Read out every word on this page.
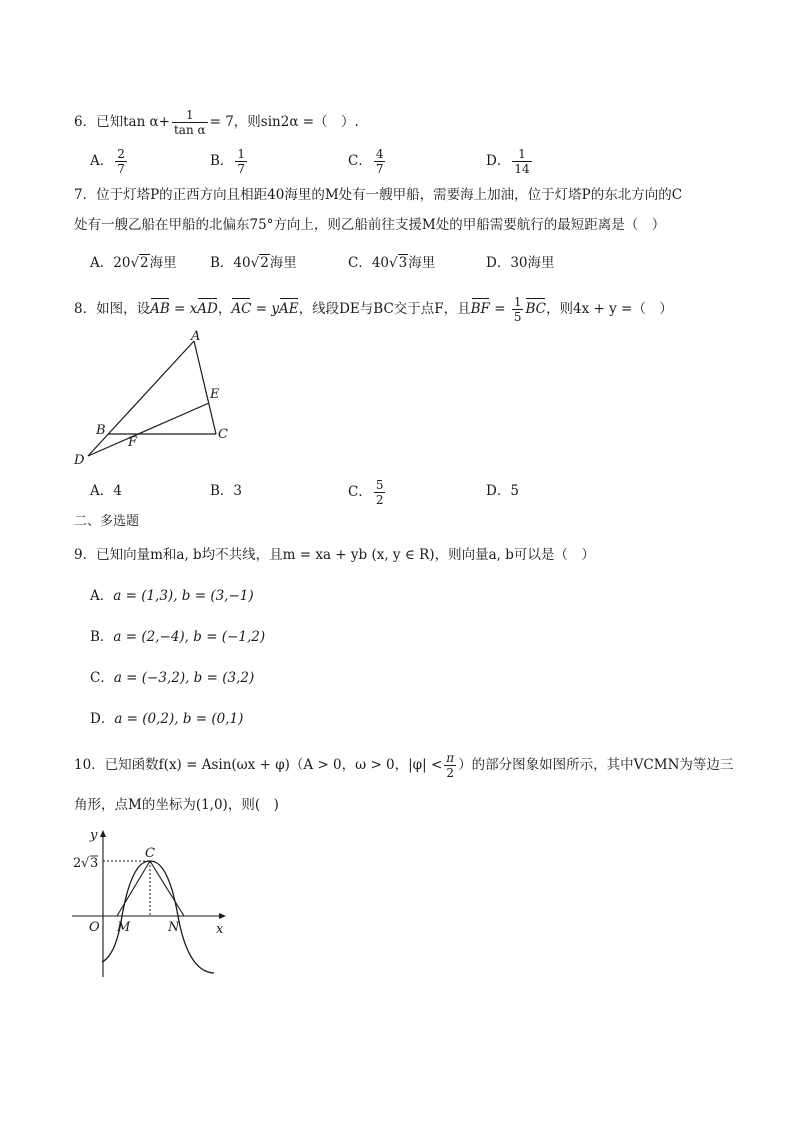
6．已知$\tan \alpha+ \frac{1}{\text{tan α}} = 7$，则sin2α =（　）.
A． $\frac{2}{7}$	B． $\frac{1}{7}$	C． $\frac{4}{7}$	D． $\frac{1}{14}$
7．位于灯塔P的正西方向且相距40海里的M处有一艘甲船，需要海上加油，位于灯塔P的东北方向的C
处有一艘乙船在甲船的北偏东75°方向上，则乙船前往支援M处的甲船需要航行的最短距离是（　）
A．20√2海里 B．40√2海里	C．40√3海里	D．30海里
8．如图，设AB = xAD，AC = yAE，线段DE与BC交于点F，且BF = $\frac{1}{5}$ BC，则4x + y =（　）
A
E
B	C
F
D
A．4	B．3	C． $\frac{5}{2}$	D．5
二、多选题
9．已知向量m和a, b均不共线，且m = xa + yb (x, y ∈ R)，则向量a, b可以是（　）
A．a = (1,3), b = (3,−1)
B．a = (2,−4), b = (−1,2)
C．a = (−3,2), b = (3,2)
D．a = (0,2), b = (0,1)
10．已知函数f(x) = Asin(ωx + φ)（A > 0，ω > 0，$|\varphi| < \frac{\pi}{2}$ ）的部分图象如图所示，其中VCMN为等边三
角形，点M的坐标为(1,0)，则(　)
y
x
O M	N
C
2 √ 3
